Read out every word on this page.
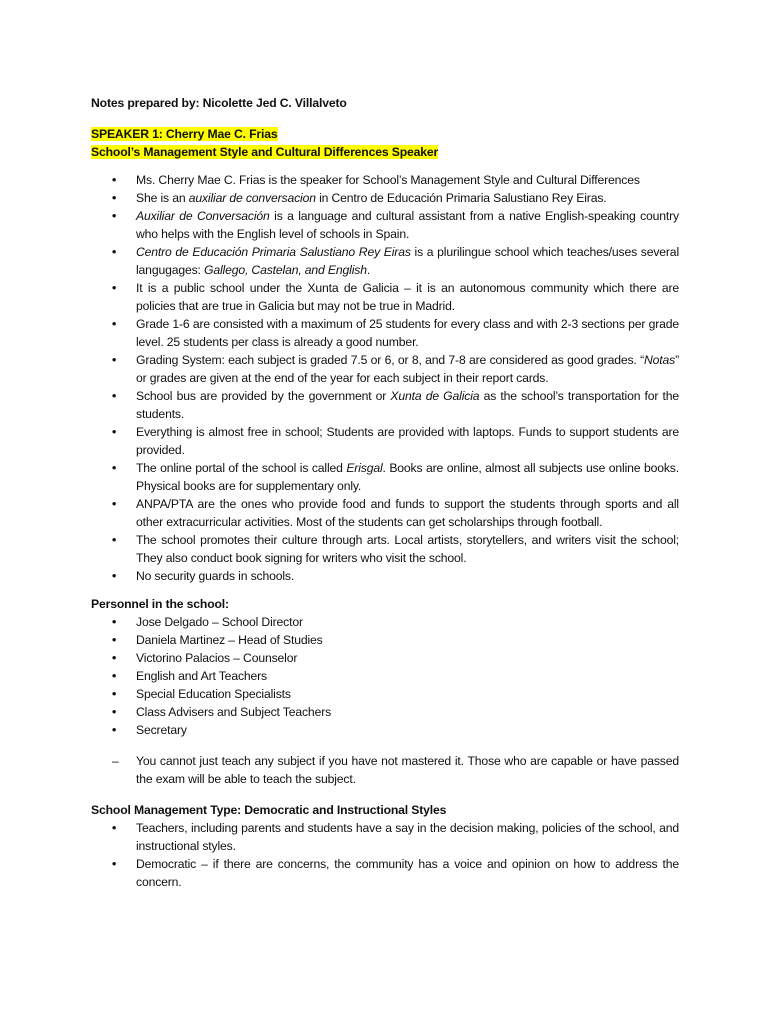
Notes prepared by: Nicolette Jed C. Villalveto
SPEAKER 1: Cherry Mae C. Frias
School’s Management Style and Cultural Differences Speaker
• Ms. Cherry Mae C. Frias is the speaker for School’s Management Style and Cultural Differences
• She is an auxiliar de conversacion in Centro de Educación Primaria Salustiano Rey Eiras.
• Auxiliar de Conversación is a language and cultural assistant from a native English-speaking country who helps with the English level of schools in Spain.
• Centro de Educación Primaria Salustiano Rey Eiras is a plurilingue school which teaches/uses several langugages: Gallego, Castelan, and English.
• It is a public school under the Xunta de Galicia – it is an autonomous community which there are policies that are true in Galicia but may not be true in Madrid.
• Grade 1-6 are consisted with a maximum of 25 students for every class and with 2-3 sections per grade level. 25 students per class is already a good number.
• Grading System: each subject is graded 7.5 or 6, or 8, and 7-8 are considered as good grades. “Notas” or grades are given at the end of the year for each subject in their report cards.
• School bus are provided by the government or Xunta de Galicia as the school’s transportation for the students.
• Everything is almost free in school; Students are provided with laptops. Funds to support students are provided.
• The online portal of the school is called Erisgal. Books are online, almost all subjects use online books. Physical books are for supplementary only.
• ANPA/PTA are the ones who provide food and funds to support the students through sports and all other extracurricular activities. Most of the students can get scholarships through football.
• The school promotes their culture through arts. Local artists, storytellers, and writers visit the school; They also conduct book signing for writers who visit the school.
• No security guards in schools.
Personnel in the school:
• Jose Delgado – School Director
• Daniela Martinez – Head of Studies
• Victorino Palacios – Counselor
• English and Art Teachers
• Special Education Specialists
• Class Advisers and Subject Teachers
• Secretary
– You cannot just teach any subject if you have not mastered it. Those who are capable or have passed the exam will be able to teach the subject.
School Management Type: Democratic and Instructional Styles
• Teachers, including parents and students have a say in the decision making, policies of the school, and instructional styles.
• Democratic – if there are concerns, the community has a voice and opinion on how to address the concern.
